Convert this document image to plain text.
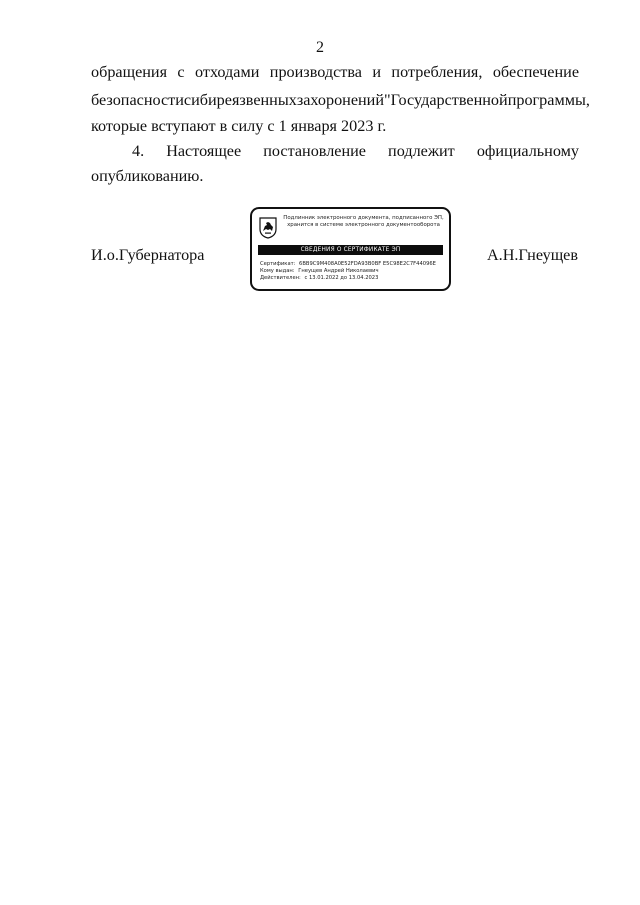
2
обращения с отходами производства и потребления, обеспечение
безопасности сибиреязвенных захоронений" Государственной программы,
которые вступают в силу с 1 января 2023 г.
4. Настоящее постановление подлежит официальному
опубликованию.
И.о.Губернатора
Подлинник электронного документа, подписанного ЭП,
хранится в системе электронного документооборота
СВЕДЕНИЯ О СЕРТИФИКАТЕ ЭП
Сертификат: 6BB9C9M408A0E52FDA93B0BF E5C98E2C7F44096E
Кому выдан: Гнеущев Андрей Николаевич
Действителен: с 13.01.2022 до 13.04.2023
А.Н.Гнеущев
